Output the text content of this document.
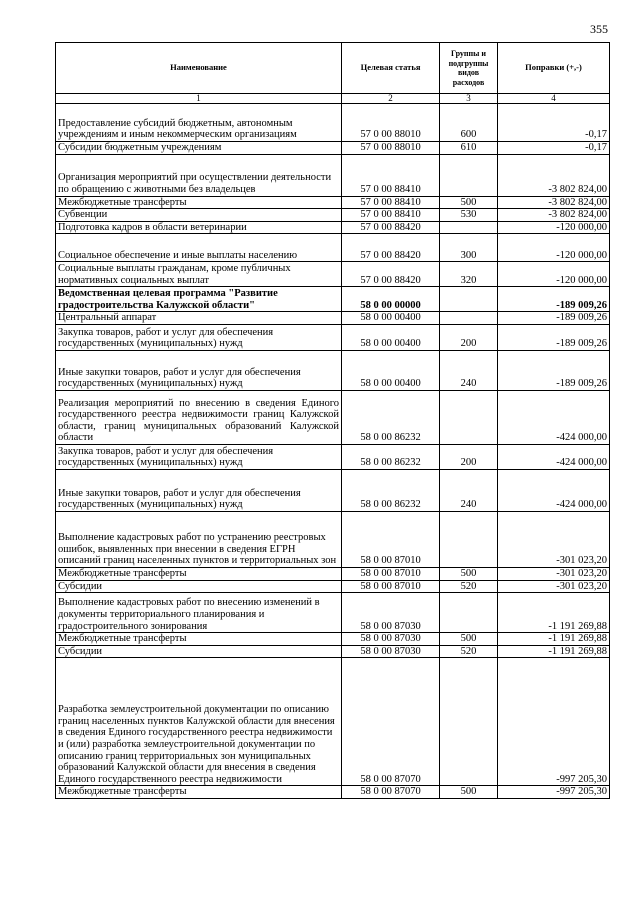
355
Наименование	Целевая статья	Группы и подгруппы видов расходов	Поправки (+,-)
1	2	3	4
Предоставление субсидий бюджетным, автономным учреждениям и иным некоммерческим организациям	57 0 00 88010	600	-0,17
Субсидии бюджетным учреждениям	57 0 00 88010	610	-0,17
Организация мероприятий при осуществлении деятельности по обращению с животными без владельцев	57 0 00 88410		-3 802 824,00
Межбюджетные трансферты	57 0 00 88410	500	-3 802 824,00
Субвенции	57 0 00 88410	530	-3 802 824,00
Подготовка кадров в области ветеринарии	57 0 00 88420		-120 000,00
Социальное обеспечение и иные выплаты населению	57 0 00 88420	300	-120 000,00
Социальные выплаты гражданам, кроме публичных нормативных социальных выплат	57 0 00 88420	320	-120 000,00
Ведомственная целевая программа "Развитие градостроительства Калужской области"	58 0 00 00000		-189 009,26
Центральный аппарат	58 0 00 00400		-189 009,26
Закупка товаров, работ и услуг для обеспечения государственных (муниципальных) нужд	58 0 00 00400	200	-189 009,26
Иные закупки товаров, работ и услуг для обеспечения государственных (муниципальных) нужд	58 0 00 00400	240	-189 009,26
Реализация мероприятий по внесению в сведения Единого государственного реестра недвижимости границ Калужской области, границ муниципальных образований Калужской области	58 0 00 86232		-424 000,00
Закупка товаров, работ и услуг для обеспечения государственных (муниципальных) нужд	58 0 00 86232	200	-424 000,00
Иные закупки товаров, работ и услуг для обеспечения государственных (муниципальных) нужд	58 0 00 86232	240	-424 000,00
Выполнение кадастровых работ по устранению реестровых ошибок, выявленных при внесении в сведения ЕГРН описаний границ населенных пунктов и территориальных зон	58 0 00 87010		-301 023,20
Межбюджетные трансферты	58 0 00 87010	500	-301 023,20
Субсидии	58 0 00 87010	520	-301 023,20
Выполнение кадастровых работ по внесению изменений в документы территориального планирования и градостроительного зонирования	58 0 00 87030		-1 191 269,88
Межбюджетные трансферты	58 0 00 87030	500	-1 191 269,88
Субсидии	58 0 00 87030	520	-1 191 269,88
Разработка землеустроительной документации по описанию границ населенных пунктов Калужской области для внесения в сведения Единого государственного реестра недвижимости и (или) разработка землеустроительной документации по описанию границ территориальных зон муниципальных образований Калужской области для внесения в сведения Единого государственного реестра недвижимости	58 0 00 87070		-997 205,30
Межбюджетные трансферты	58 0 00 87070	500	-997 205,30
